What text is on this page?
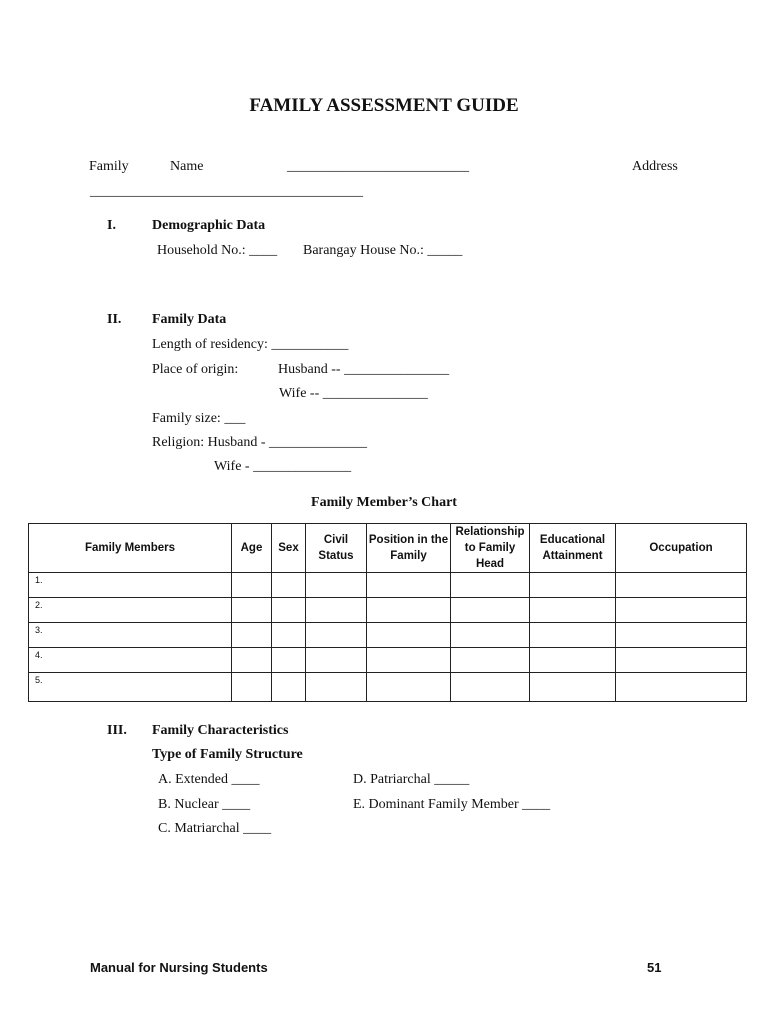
FAMILY ASSESSMENT GUIDE
Family	Name	__________________________	Address
_______________________________________
I.	Demographic Data
Household No.: ____ Barangay House No.: _____
II. Family Data
Length of residency: ___________
Place of origin:	Husband -- _______________
Wife -- _______________
Family size: ___
Religion: Husband - ______________
Wife - ______________
Family Member’s Chart
Family Members	Age	Sex	Civil Status	Position in the Family	Relationship to Family Head	Educational Attainment	Occupation
1.							
2.							
3.							
4.							
5.							
III. Family Characteristics
Type of Family Structure
A. Extended ____
B. Nuclear ____
C. Matriarchal ____
D. Patriarchal _____
E. Dominant Family Member ____
Manual for Nursing Students	51
